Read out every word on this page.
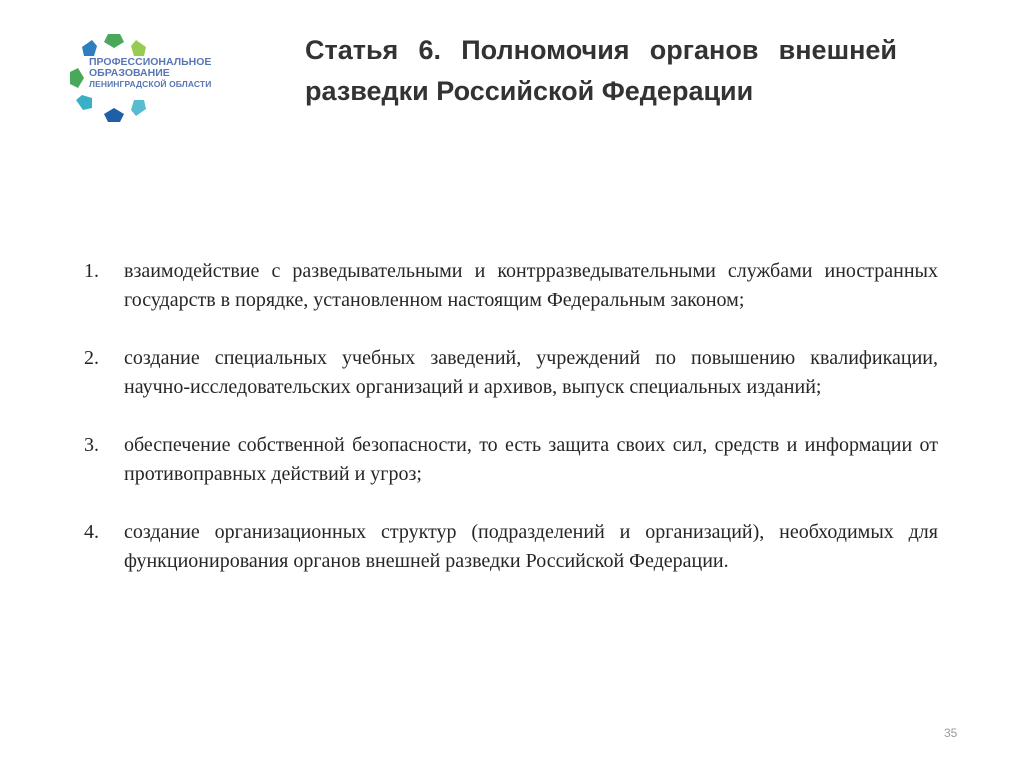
ПРОФЕССИОНАЛЬНОЕ
ОБРАЗОВАНИЕ
ЛЕНИНГРАДСКОЙ ОБЛАСТИ
Статья 6. Полномочия органов внешней разведки Российской Федерации
1.	взаимодействие с разведывательными и контрразведывательными службами иностранных государств в порядке, установленном настоящим Федеральным законом;
2.	создание специальных учебных заведений, учреждений по повышению квалификации, научно-исследовательских организаций и архивов, выпуск специальных изданий;
3.	обеспечение собственной безопасности, то есть защита своих сил, средств и информации от противоправных действий и угроз;
4.	создание организационных структур (подразделений и организаций), необходимых для функционирования органов внешней разведки Российской Федерации.
35
